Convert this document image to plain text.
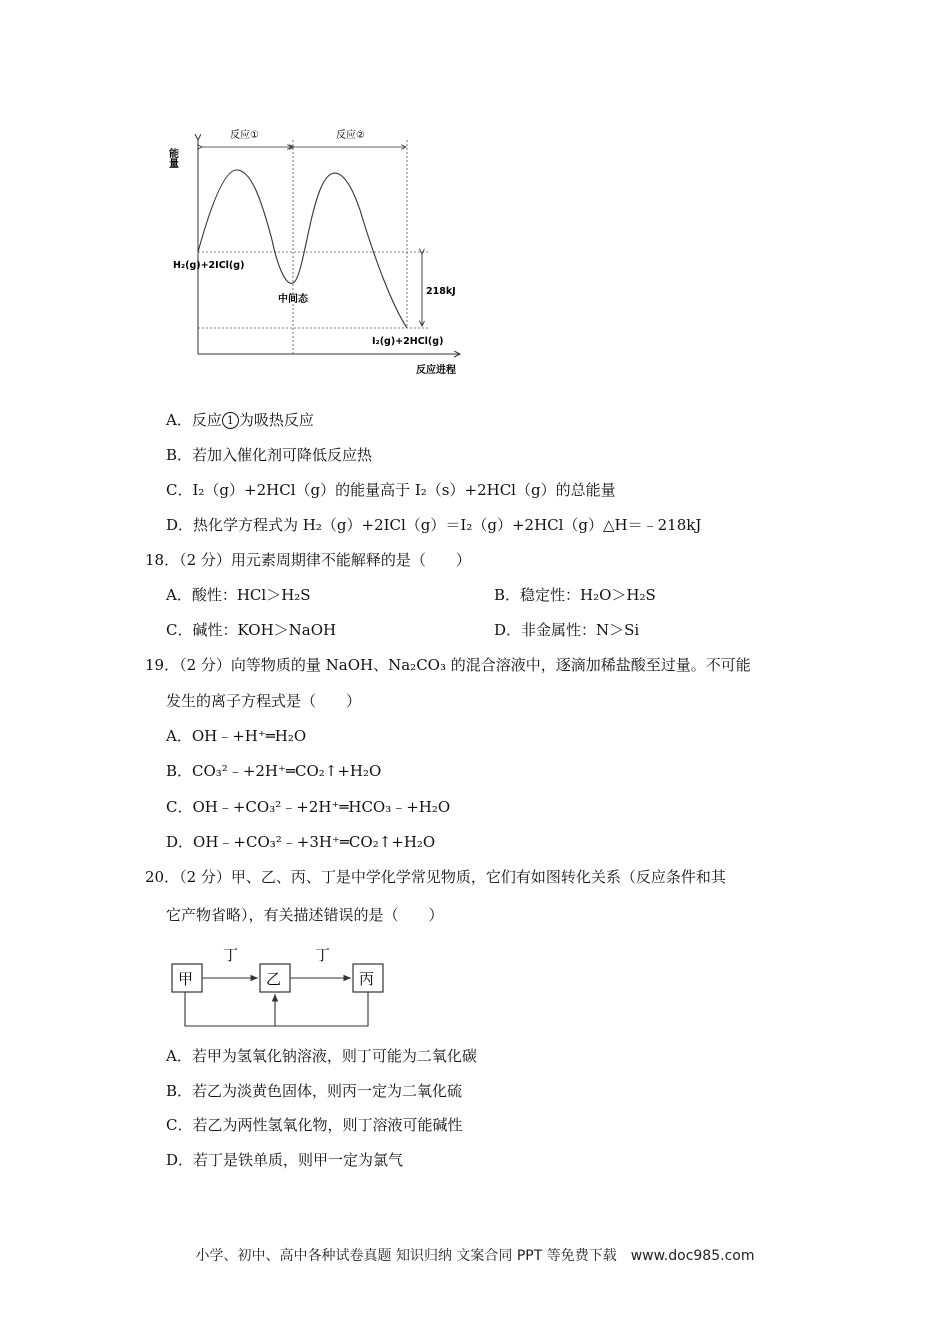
能量
反应进程
反应①	反应②
H₂(g)+2ICl(g)
中间态
218kJ
I₂(g)+2HCl(g)
A．反应 1 为吸热反应
B．若加入催化剂可降低反应热
C．I₂（g）+2HCl（g）的能量高于 I₂（s）+2HCl（g）的总能量
D．热化学方程式为 H₂（g）+2ICl（g）＝I₂（g）+2HCl（g）△H＝﹣218kJ
18．（2 分）用元素周期律不能解释的是（　　）
A．酸性：HCl＞H₂S	B．稳定性：H₂O＞H₂S
C．碱性：KOH＞NaOH	D．非金属性：N＞Si
19．（2 分）向等物质的量 NaOH、Na₂CO₃ 的混合溶液中，逐滴加稀盐酸至过量。不可能
发生的离子方程式是（　　）
A．OH﹣+H⁺═H₂O
B．CO₃²﹣+2H⁺═CO₂↑+H₂O
C．OH﹣+CO₃²﹣+2H⁺═HCO₃﹣+H₂O
D．OH﹣+CO₃²﹣+3H⁺═CO₂↑+H₂O
20．（2 分）甲、乙、丙、丁是中学化学常见物质，它们有如图转化关系（反应条件和其
它产物省略），有关描述错误的是（　　）
甲	乙	丙
丁	丁
A．若甲为氢氧化钠溶液，则丁可能为二氧化碳
B．若乙为淡黄色固体，则丙一定为二氧化硫
C．若乙为两性氢氧化物，则丁溶液可能碱性
D．若丁是铁单质，则甲一定为氯气
小学、初中、高中各种试卷真题 知识归纳 文案合同 PPT 等免费下载　www.doc985.com
